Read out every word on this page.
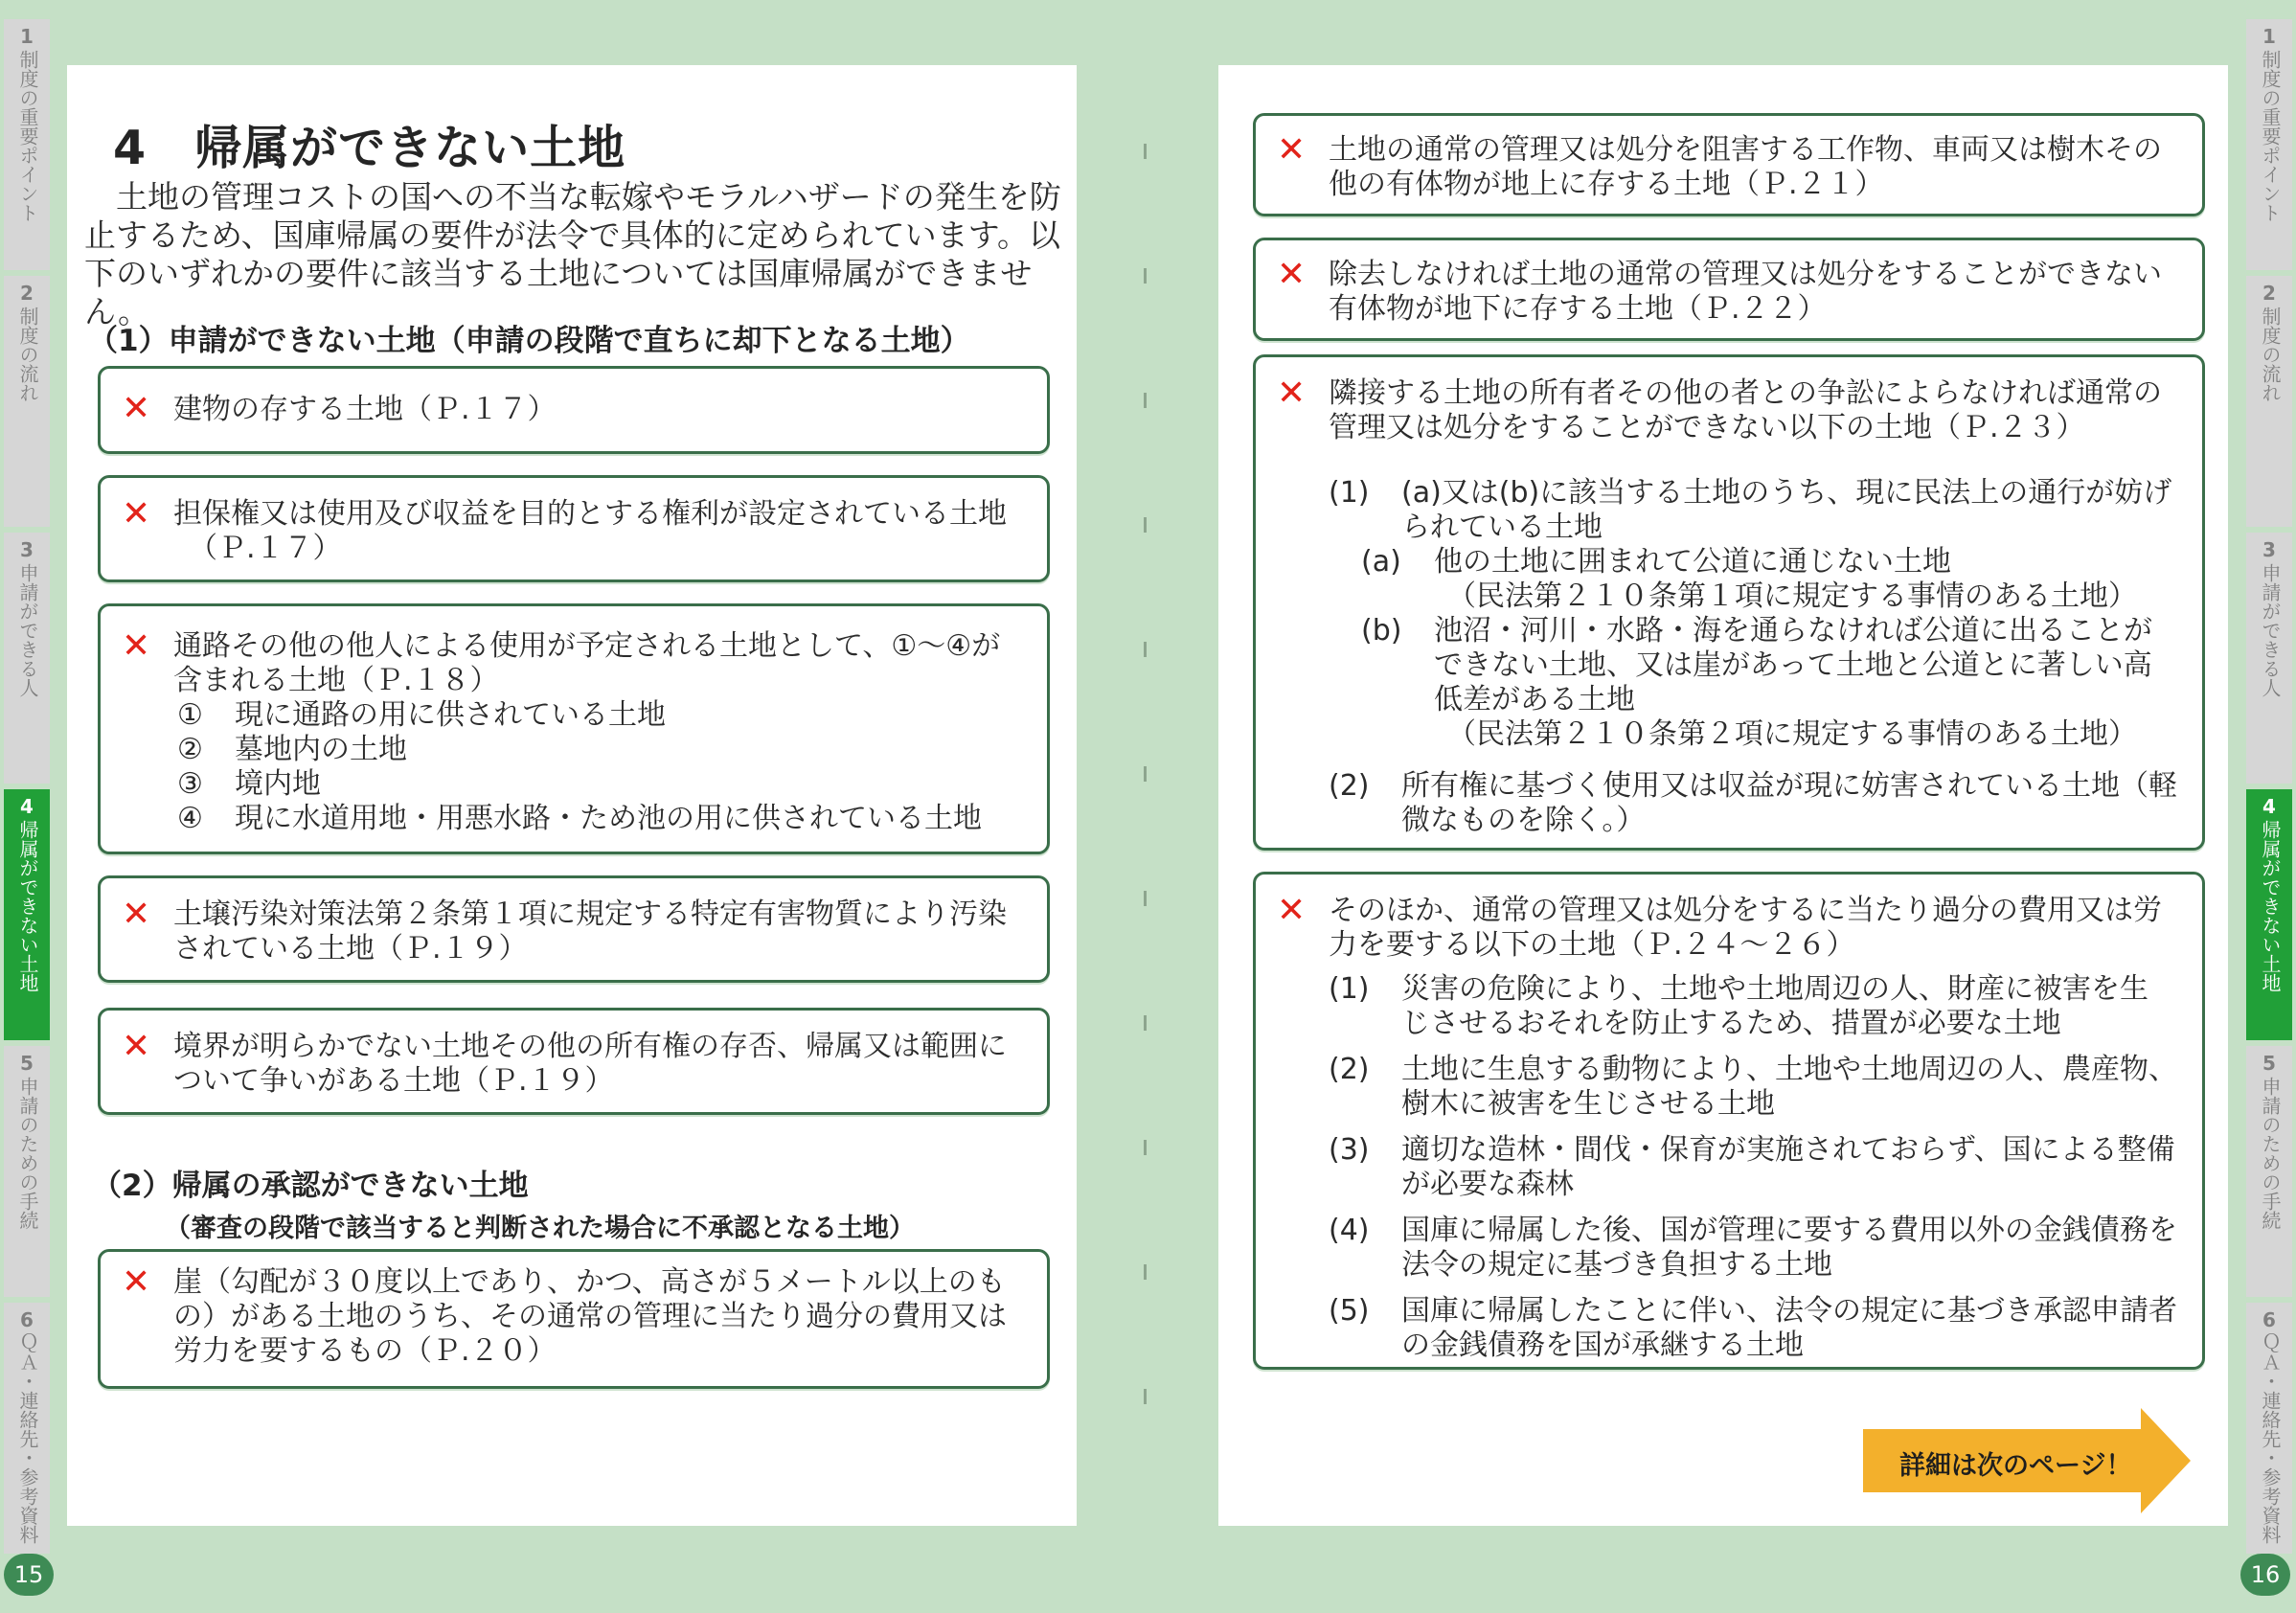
1
制度の重要ポイント
2
制度の流れ
3
申請ができる人
4
帰属ができない土地
5
申請のための手続
6
ＱＡ・連絡先・参考資料
1
制度の重要ポイント
2
制度の流れ
3
申請ができる人
4
帰属ができない土地
5
申請のための手続
6
ＱＡ・連絡先・参考資料
4　帰属ができない土地

　土地の管理コストの国への不当な転嫁やモラルハザードの発生を防止するため、国庫帰属の要件が法令で具体的に定められています。以下のいずれかの要件に該当する土地については国庫帰属ができません。

（1）申請ができない土地（申請の段階で直ちに却下となる土地）
✕ 建物の存する土地（Ｐ.１７）
✕ 担保権又は使用及び収益を目的とする権利が設定されている土地
（Ｐ.１７）
✕ 通路その他の他人による使用が予定される土地として、①～④が
含まれる土地（Ｐ.１８）
① 現に通路の用に供されている土地
② 墓地内の土地
③ 境内地
④ 現に水道用地・用悪水路・ため池の用に供されている土地
✕ 土壌汚染対策法第２条第１項に規定する特定有害物質により汚染
されている土地（Ｐ.１９）
✕ 境界が明らかでない土地その他の所有権の存否、帰属又は範囲に
ついて争いがある土地（Ｐ.１９）
（2）帰属の承認ができない土地
（審査の段階で該当すると判断された場合に不承認となる土地）
✕ 崖（勾配が３０度以上であり、かつ、高さが５メートル以上のも
の）がある土地のうち、その通常の管理に当たり過分の費用又は
労力を要するもの（Ｐ.２０）
✕ 土地の通常の管理又は処分を阻害する工作物、車両又は樹木その
他の有体物が地上に存する土地（Ｐ.２１）
✕ 除去しなければ土地の通常の管理又は処分をすることができない
有体物が地下に存する土地（Ｐ.２２）
✕ 隣接する土地の所有者その他の者との争訟によらなければ通常の
管理又は処分をすることができない以下の土地（Ｐ.２３）
(1) (a)又は(b)に該当する土地のうち、現に民法上の通行が妨げ
られている土地
(a) 他の土地に囲まれて公道に通じない土地
（民法第２１０条第１項に規定する事情のある土地）
(b) 池沼・河川・水路・海を通らなければ公道に出ることが
できない土地、又は崖があって土地と公道とに著しい高
低差がある土地
（民法第２１０条第２項に規定する事情のある土地）
(2) 所有権に基づく使用又は収益が現に妨害されている土地（軽
微なものを除く。）
✕ そのほか、通常の管理又は処分をするに当たり過分の費用又は労
力を要する以下の土地（Ｐ.２４～２６）
(1) 災害の危険により、土地や土地周辺の人、財産に被害を生
じさせるおそれを防止するため、措置が必要な土地
(2) 土地に生息する動物により、土地や土地周辺の人、農産物、
樹木に被害を生じさせる土地
(3) 適切な造林・間伐・保育が実施されておらず、国による整備
が必要な森林
(4) 国庫に帰属した後、国が管理に要する費用以外の金銭債務を
法令の規定に基づき負担する土地
(5) 国庫に帰属したことに伴い、法令の規定に基づき承認申請者
の金銭債務を国が承継する土地
詳細は次のページ！
15	16
